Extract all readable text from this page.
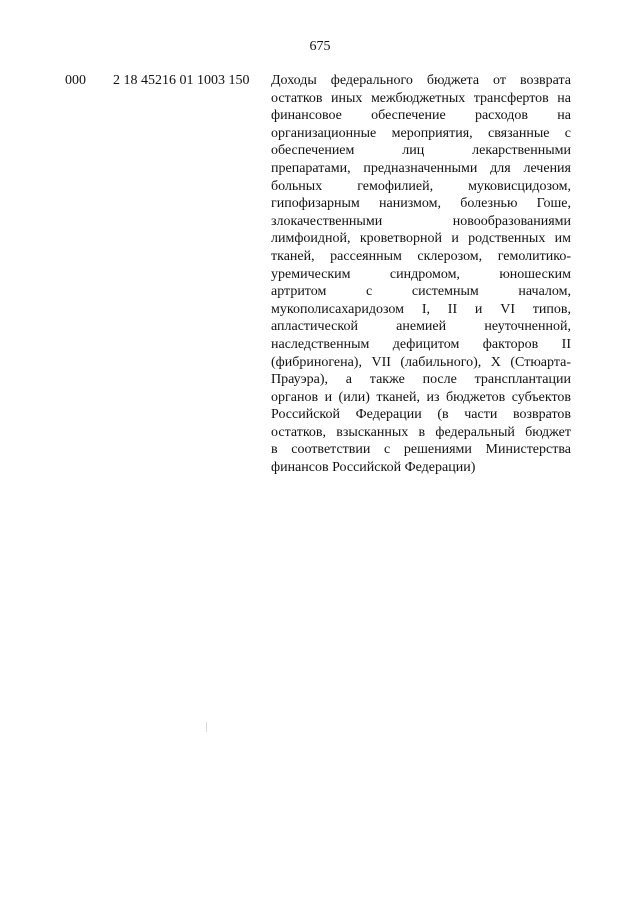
675
000 2 18 45216 01 1003 150 Доходы федерального бюджета от возврата
остатков иных межбюджетных трансфертов на
финансовое обеспечение расходов на
организационные мероприятия, связанные с
обеспечением лиц лекарственными
препаратами, предназначенными для лечения
больных гемофилией, муковисцидозом,
гипофизарным нанизмом, болезнью Гоше,
злокачественными новообразованиями
лимфоидной, кроветворной и родственных им
тканей, рассеянным склерозом, гемолитико-
уремическим синдромом, юношеским
артритом с системным началом,
мукополисахаридозом I, II и VI типов,
апластической анемией неуточненной,
наследственным дефицитом факторов II
(фибриногена), VII (лабильного), X (Стюарта-
Прауэра), а также после трансплантации
органов и (или) тканей, из бюджетов субъектов
Российской Федерации (в части возвратов
остатков, взысканных в федеральный бюджет
в соответствии с решениями Министерства
финансов Российской Федерации)
